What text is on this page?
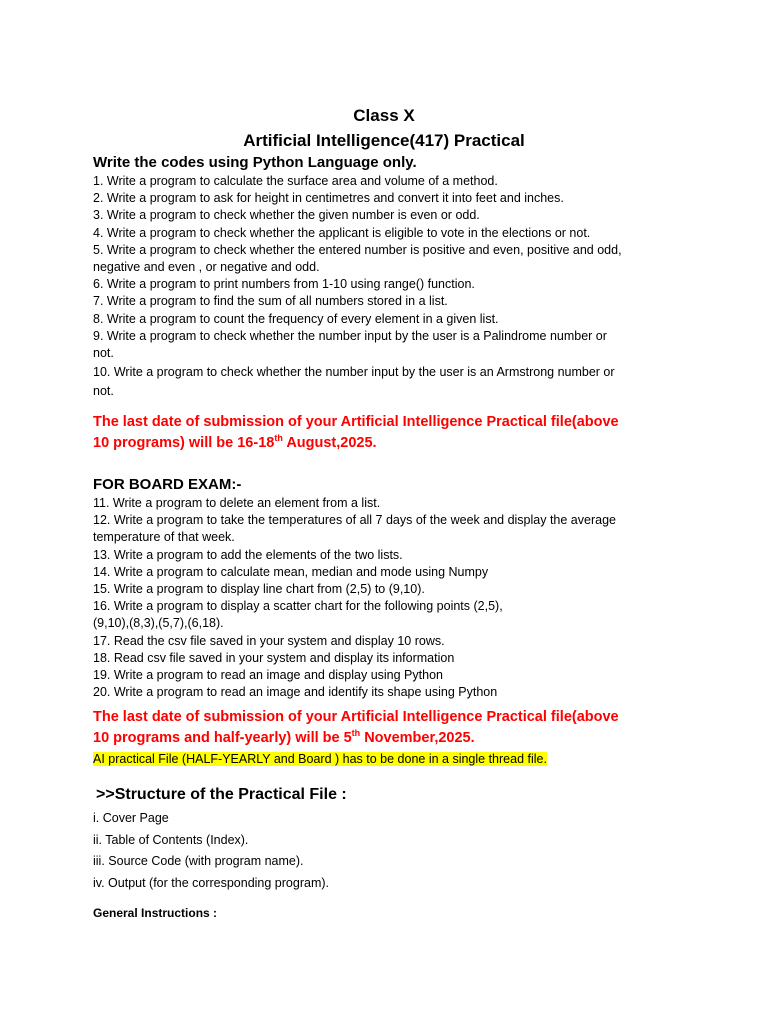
Class X
Artificial Intelligence(417) Practical
Write the codes using Python Language only.
1. Write a program to calculate the surface area and volume of a method.
2. Write a program to ask for height in centimetres and convert it into feet and inches.
3. Write a program to check whether the given number is even or odd.
4. Write a program to check whether the applicant is eligible to vote in the elections or not.
5. Write a program to check whether the entered number is positive and even, positive and odd,
negative and even , or negative and odd.
6. Write a program to print numbers from 1-10 using range() function.
7. Write a program to find the sum of all numbers stored in a list.
8. Write a program to count the frequency of every element in a given list.
9. Write a program to check whether the number input by the user is a Palindrome number or
not.
10. Write a program to check whether the number input by the user is an Armstrong number or
not.
The last date of submission of your Artificial Intelligence Practical file(above
10 programs) will be 16-18th August,2025.
FOR BOARD EXAM:-
11. Write a program to delete an element from a list.
12. Write a program to take the temperatures of all 7 days of the week and display the average
temperature of that week.
13. Write a program to add the elements of the two lists.
14. Write a program to calculate mean, median and mode using Numpy
15. Write a program to display line chart from (2,5) to (9,10).
16. Write a program to display a scatter chart for the following points (2,5),
(9,10),(8,3),(5,7),(6,18).
17. Read the csv file saved in your system and display 10 rows.
18. Read csv file saved in your system and display its information
19. Write a program to read an image and display using Python
20. Write a program to read an image and identify its shape using Python
The last date of submission of your Artificial Intelligence Practical file(above
10 programs and half-yearly) will be 5th November,2025.
AI practical File (HALF-YEARLY and Board ) has to be done in a single thread file.
>>Structure of the Practical File :
i. Cover Page
ii. Table of Contents (Index).
iii. Source Code (with program name).
iv. Output (for the corresponding program).
General Instructions :
